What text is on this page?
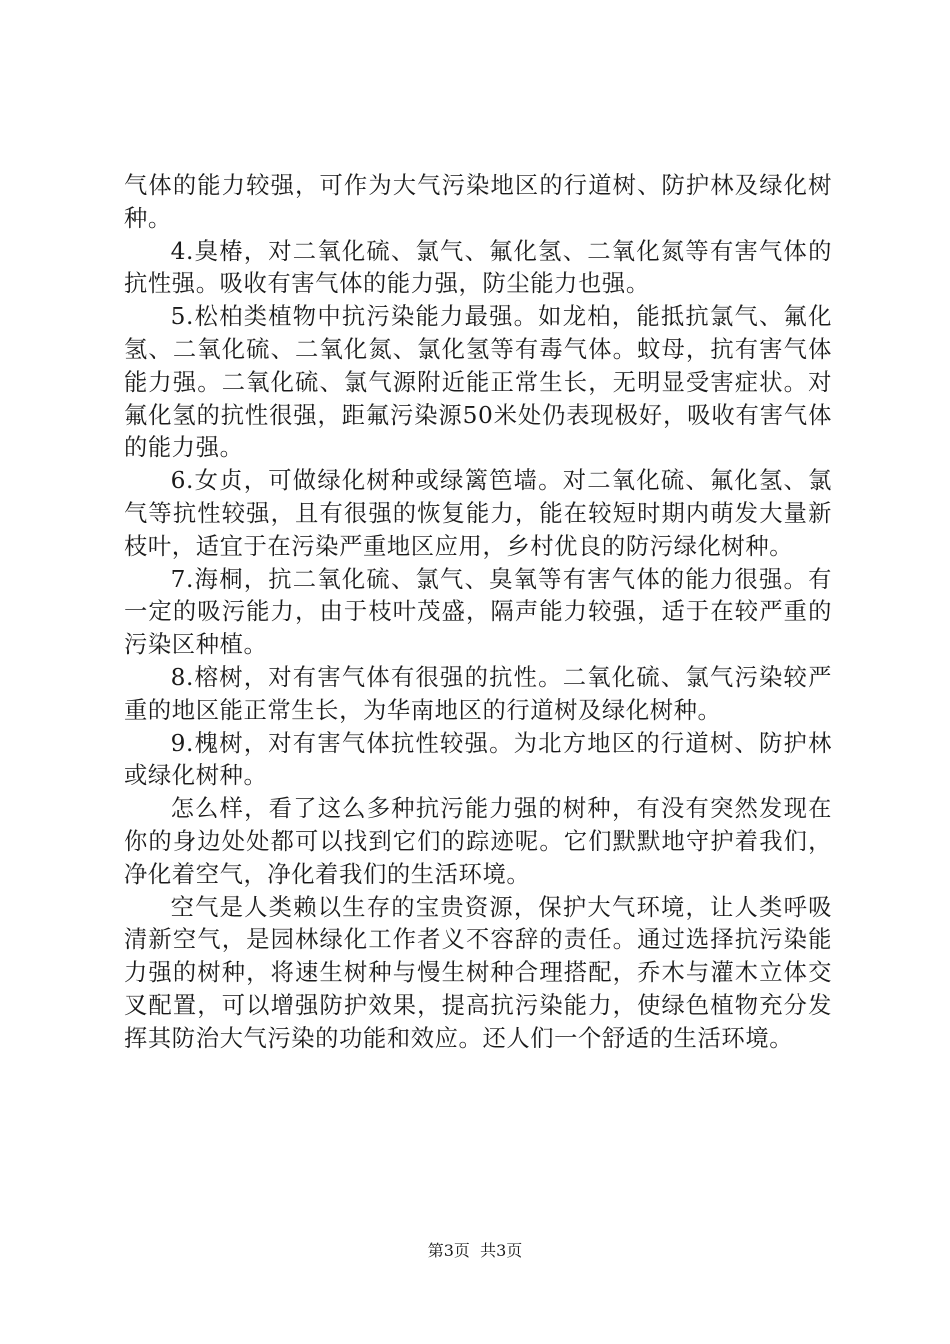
气体的能力较强，可作为大气污染地区的行道树、防护林及绿化树种。

4.臭椿，对二氧化硫、氯气、氟化氢、二氧化氮等有害气体的抗性强。吸收有害气体的能力强，防尘能力也强。

5.松柏类植物中抗污染能力最强。如龙柏，能抵抗氯气、氟化氢、二氧化硫、二氧化氮、氯化氢等有毒气体。蚊母，抗有害气体能力强。二氧化硫、氯气源附近能正常生长，无明显受害症状。对氟化氢的抗性很强，距氟污染源50米处仍表现极好，吸收有害气体的能力强。

6.女贞，可做绿化树种或绿篱笆墙。对二氧化硫、氟化氢、氯气等抗性较强，且有很强的恢复能力，能在较短时期内萌发大量新枝叶，适宜于在污染严重地区应用，乡村优良的防污绿化树种。

7.海桐，抗二氧化硫、氯气、臭氧等有害气体的能力很强。有一定的吸污能力，由于枝叶茂盛，隔声能力较强，适于在较严重的污染区种植。

8.榕树，对有害气体有很强的抗性。二氧化硫、氯气污染较严重的地区能正常生长，为华南地区的行道树及绿化树种。

9.槐树，对有害气体抗性较强。为北方地区的行道树、防护林或绿化树种。

怎么样，看了这么多种抗污能力强的树种，有没有突然发现在你的身边处处都可以找到它们的踪迹呢。它们默默地守护着我们，净化着空气，净化着我们的生活环境。

空气是人类赖以生存的宝贵资源，保护大气环境，让人类呼吸清新空气，是园林绿化工作者义不容辞的责任。通过选择抗污染能力强的树种，将速生树种与慢生树种合理搭配，乔木与灌木立体交叉配置，可以增强防护效果，提高抗污染能力，使绿色植物充分发挥其防治大气污染的功能和效应。还人们一个舒适的生活环境。

第3页  共3页
